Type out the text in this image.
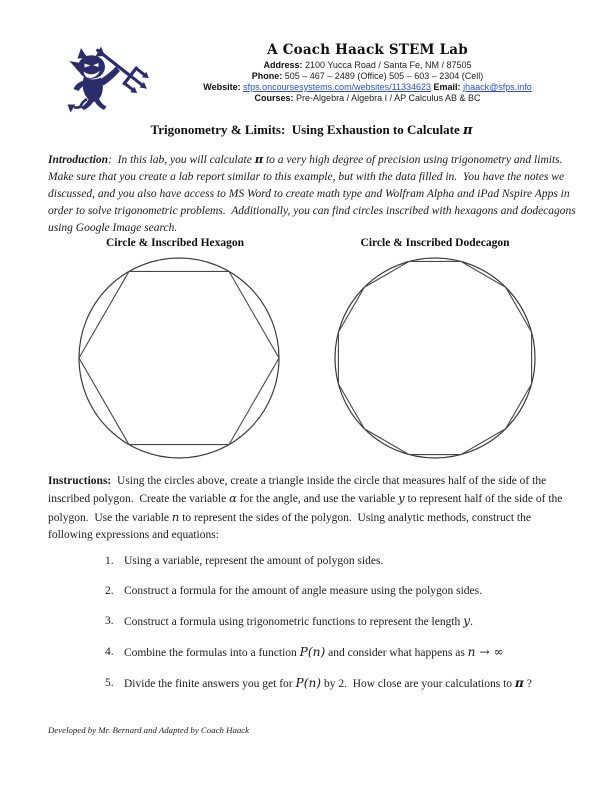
A Coach Haack STEM Lab
Address: 2100 Yucca Road / Santa Fe, NM / 87505
Phone: 505 – 467 – 2489 (Office) 505 – 603 – 2304 (Cell)
Website: sfps.oncoursesystems.com/websites/11334623 Email: jhaack@sfps.info
Courses: Pre-Algebra / Algebra I / AP Calculus AB & BC
Trigonometry & Limits:  Using Exhaustion to Calculate π
Introduction:  In this lab, you will calculate π to a very high degree of precision using trigonometry and limits.  Make sure that you create a lab report similar to this example, but with the data filled in.  You have the notes we discussed, and you also have access to MS Word to create math type and Wolfram Alpha and iPad Nspire Apps in order to solve trigonometric problems.  Additionally, you can find circles inscribed with hexagons and dodecagons using Google Image search.
Circle & Inscribed Hexagon	Circle & Inscribed Dodecagon
Instructions:  Using the circles above, create a triangle inside the circle that measures half of the side of the inscribed polygon.  Create the variable α for the angle, and use the variable y to represent half of the side of the polygon.  Use the variable n to represent the sides of the polygon.  Using analytic methods, construct the following expressions and equations:
1. Using a variable, represent the amount of polygon sides.
2. Construct a formula for the amount of angle measure using the polygon sides.
3. Construct a formula using trigonometric functions to represent the length y.
4. Combine the formulas into a function P(n) and consider what happens as n → ∞
5. Divide the finite answers you get for P(n) by 2.  How close are your calculations to π ?
Developed by Mr. Bernard and Adapted by Coach Haack
